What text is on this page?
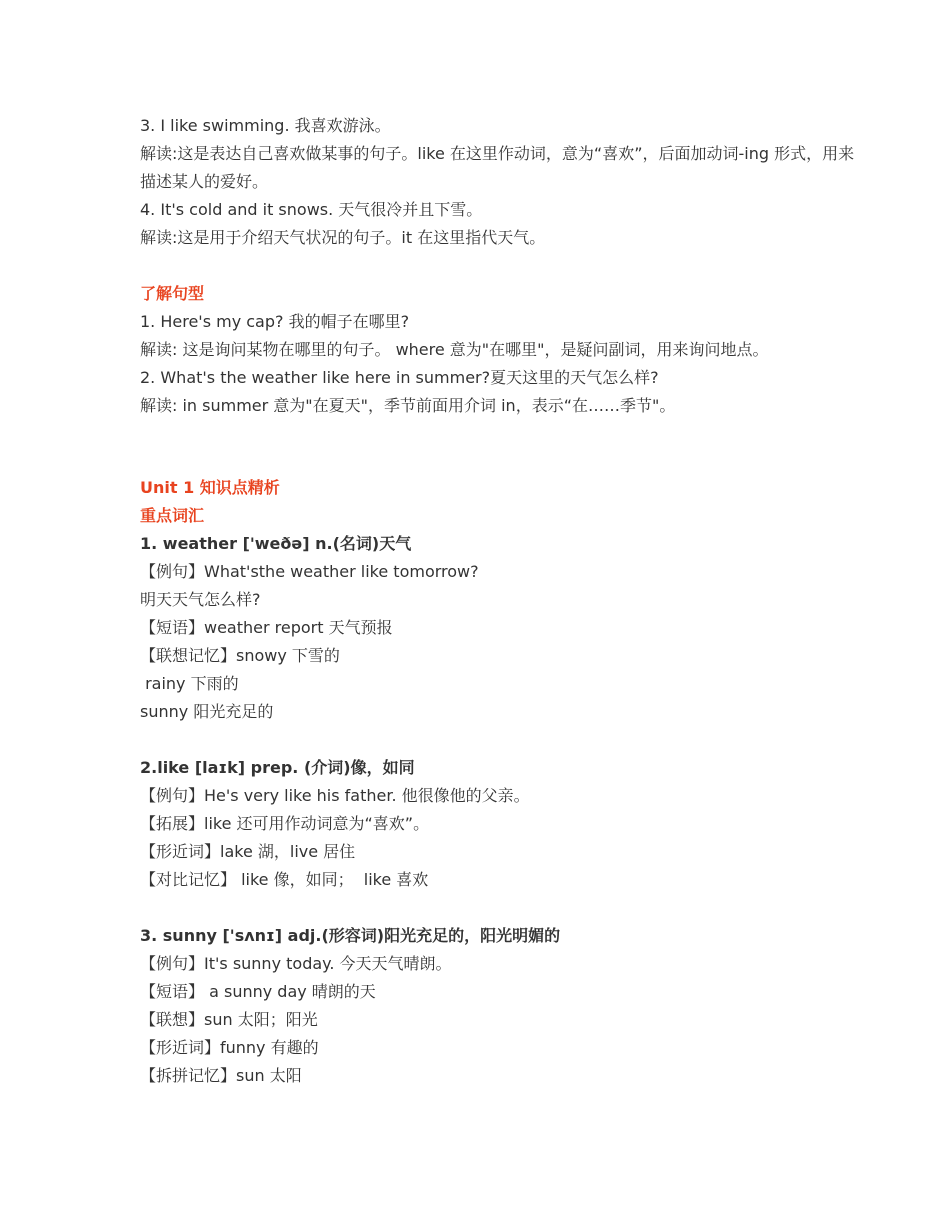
3. I like swimming. 我喜欢游泳。
解读:这是表达自己喜欢做某事的句子。like 在这里作动词，意为“喜欢”，后面加动词-ing 形式，用来描述某人的爱好。
4. It's cold and it snows. 天气很冷并且下雪。
解读:这是用于介绍天气状况的句子。it 在这里指代天气。
了解句型
1. Here's my cap? 我的帽子在哪里?
解读: 这是询问某物在哪里的句子。 where 意为"在哪里"，是疑问副词，用来询问地点。
2. What's the weather like here in summer?夏天这里的天气怎么样?
解读: in summer 意为"在夏天"，季节前面用介词 in，表示“在……季节"。
Unit 1 知识点精析
重点词汇
1. weather ['weðə] n.(名词)天气
【例句】What'sthe weather like tomorrow?
明天天气怎么样?
【短语】weather report 天气预报
【联想记忆】snowy 下雪的
rainy 下雨的
sunny 阳光充足的
2.like [laɪk] prep. (介词)像，如同
【例句】He's very like his father. 他很像他的父亲。
【拓展】like 还可用作动词意为“喜欢”。
【形近词】lake 湖，live 居住
【对比记忆】 like 像，如同；  like 喜欢
3. sunny ['sʌnɪ] adj.(形容词)阳光充足的，阳光明媚的
【例句】It's sunny today. 今天天气晴朗。
【短语】 a sunny day 晴朗的天
【联想】sun 太阳；阳光
【形近词】funny 有趣的
【拆拼记忆】sun 太阳
